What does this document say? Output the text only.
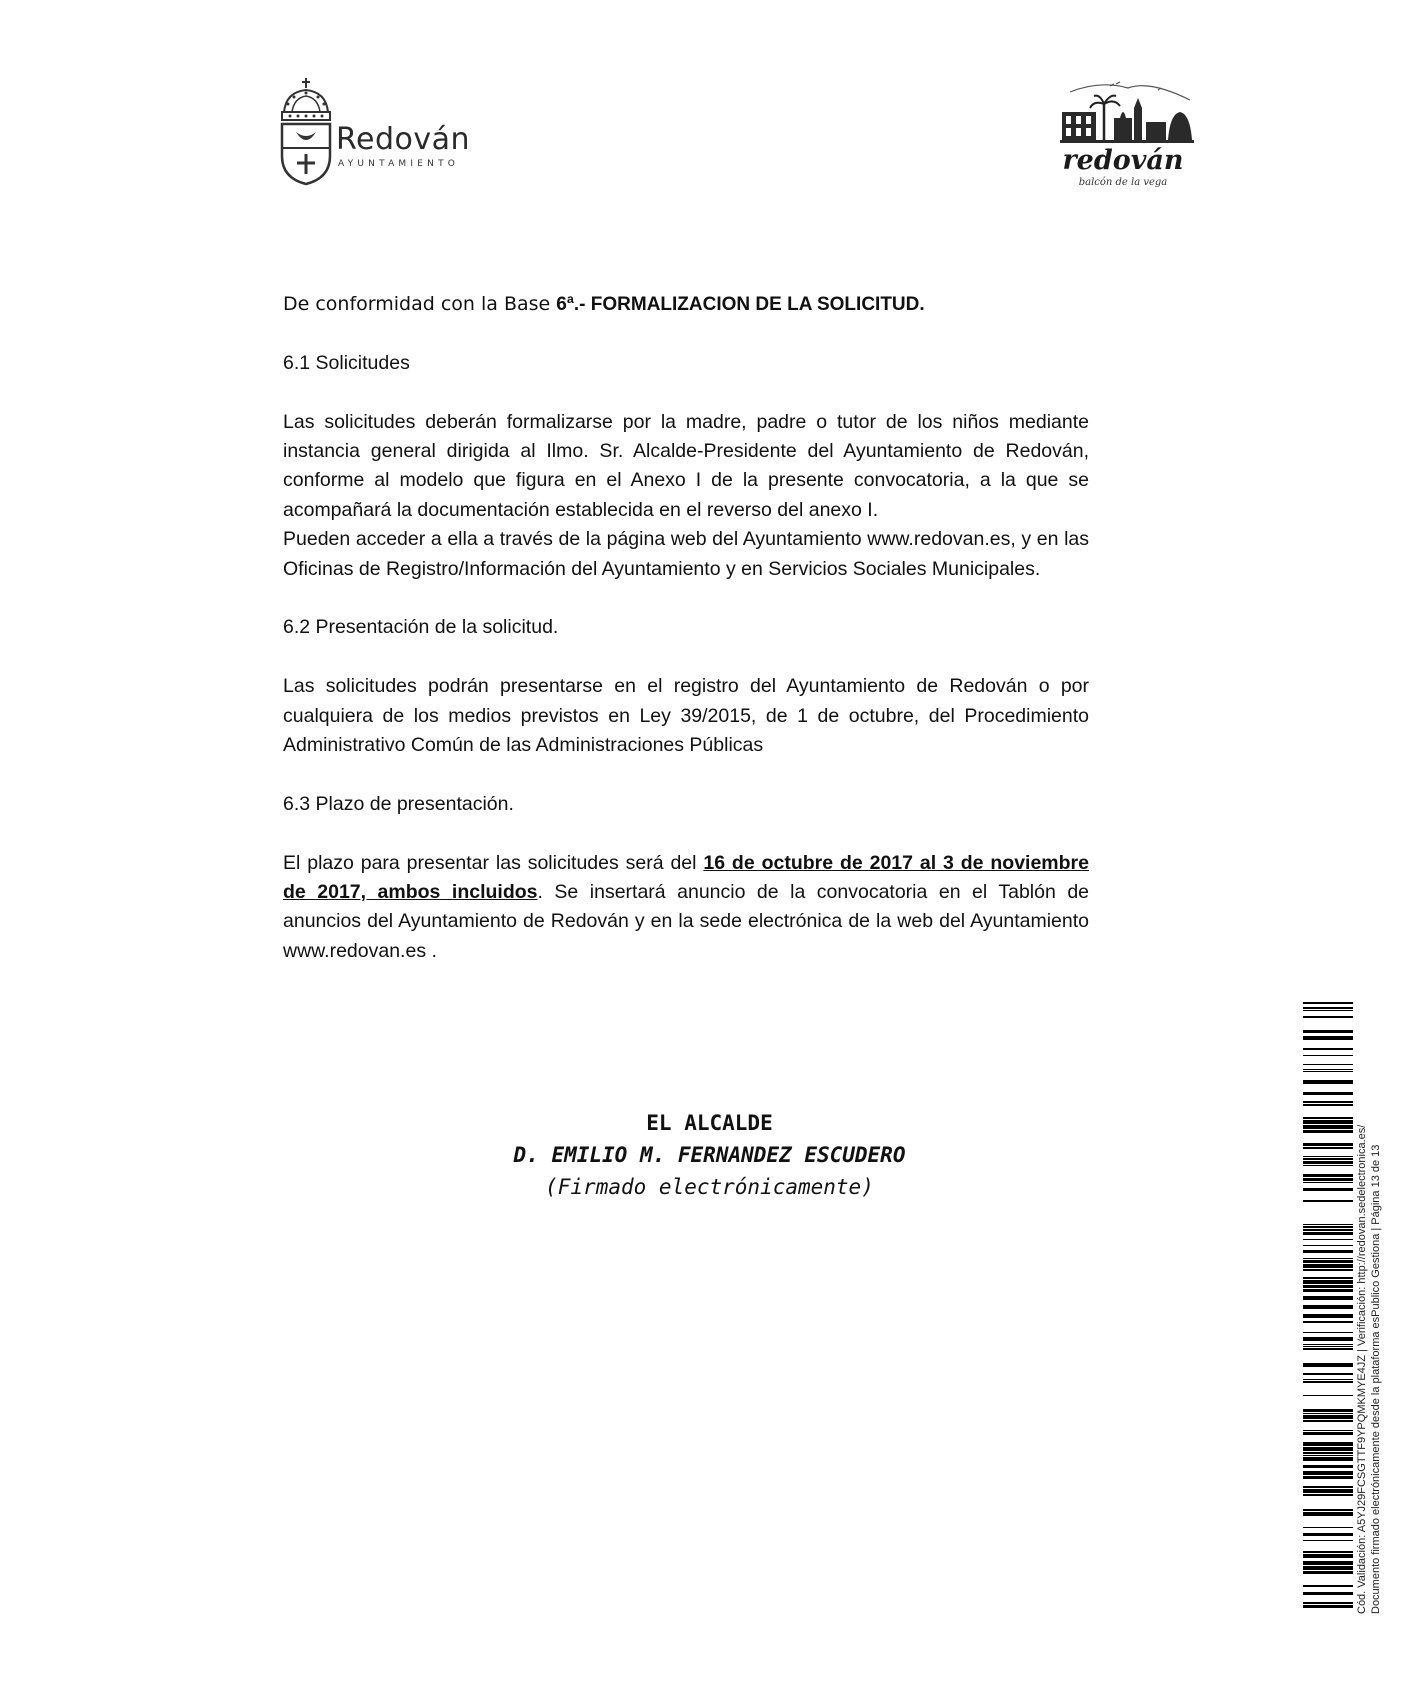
Redován
AYUNTAMIENTO	redován
balcón de la vega

De conformidad con la Base 6ª.- FORMALIZACION DE LA SOLICITUD.

6.1 Solicitudes

Las solicitudes deberán formalizarse por la madre, padre o tutor de los niños mediante instancia general dirigida al Ilmo. Sr. Alcalde-Presidente del Ayuntamiento de Redován, conforme al modelo que figura en el Anexo I de la presente convocatoria, a la que se acompañará la documentación establecida en el reverso del anexo I.

Pueden acceder a ella a través de la página web del Ayuntamiento www.redovan.es, y en las Oficinas de Registro/Información del Ayuntamiento y en Servicios Sociales Municipales.

6.2 Presentación de la solicitud.

Las solicitudes podrán presentarse en el registro del Ayuntamiento de Redován o por cualquiera de los medios previstos en Ley 39/2015, de 1 de octubre, del Procedimiento Administrativo Común de las Administraciones Públicas

6.3 Plazo de presentación.

El plazo para presentar las solicitudes será del 16 de octubre de 2017 al 3 de noviembre de 2017, ambos incluidos. Se insertará anuncio de la convocatoria en el Tablón de anuncios del Ayuntamiento de Redován y en la sede electrónica de la web del Ayuntamiento www.redovan.es .

EL ALCALDE
D. EMILIO M. FERNANDEZ ESCUDERO
(Firmado electrónicamente)	Cód. Validación: A5YJ29FCSGTTF9YPQMKMYE4JZ | Verificación: http://redovan.sedelectronica.es/ Documento firmado electrónicamente desde la plataforma esPublico Gestiona | Página 13 de 13
